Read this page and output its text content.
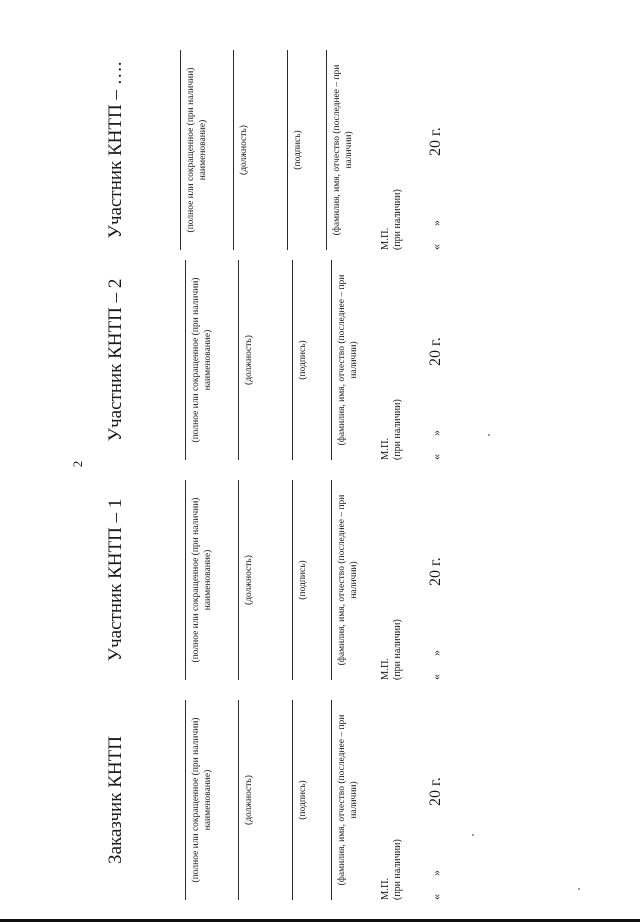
2
Заказчик КНТП	(полное или сокращенное (при наличии) наименование)	(должность)	(подпись)	(фамилия, имя, отчество (последнее – при наличии)
М.П. (при наличии) «»20 г.
Участник КНТП – 1	(полное или сокращенное (при наличии) наименование)	(должность)	(подпись)	(фамилия, имя, отчество (последнее – при наличии)
М.П. (при наличии) «»20 г.
Участник КНТП – 2	(полное или сокращенное (при наличии) наименование)	(должность)	(подпись)	(фамилия, имя, отчество (последнее – при наличии)
М.П. (при наличии) «»20 г.
Участник КНТП – ….	(полное или сокращенное (при наличии) наименование)	(должность)	(подпись)	(фамилия, имя, отчество (последнее – при наличии)
М.П. (при наличии) «»20 г.
